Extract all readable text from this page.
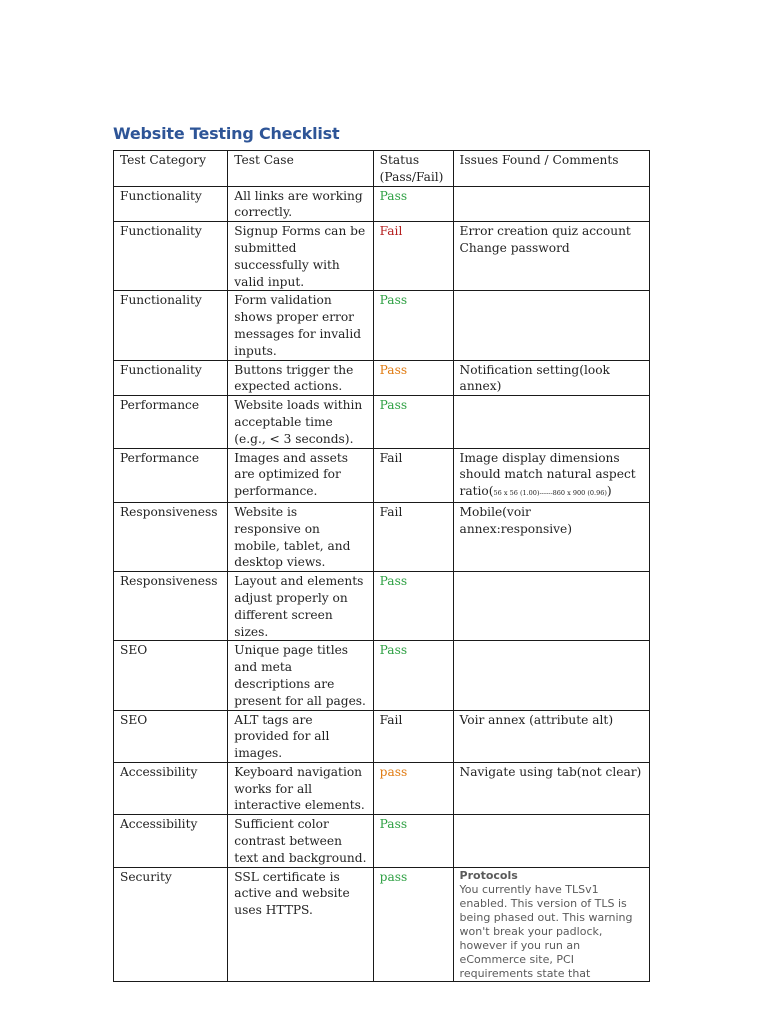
Website Testing Checklist
Test Category	Test Case	Status (Pass/Fail)	Issues Found / Comments
Functionality	All links are working correctly.	Pass	
Functionality	Signup Forms can be submitted successfully with valid input.	Fail	Error creation quiz account Change password
Functionality	Form validation shows proper error messages for invalid inputs.	Pass	
Functionality	Buttons trigger the expected actions.	Pass	Notification setting(look annex)
Performance	Website loads within acceptable time (e.g., < 3 seconds).	Pass	
Performance	Images and assets are optimized for performance.	Fail	Image display dimensions should match natural aspect ratio(56 x 56 (1.00)------860 x 900 (0.96))
Responsiveness	Website is responsive on mobile, tablet, and desktop views.	Fail	Mobile(voir annex:responsive)
Responsiveness	Layout and elements adjust properly on different screen sizes.	Pass	
SEO	Unique page titles and meta descriptions are present for all pages.	Pass	
SEO	ALT tags are provided for all images.	Fail	Voir annex (attribute alt)
Accessibility	Keyboard navigation works for all interactive elements.	pass	Navigate using tab(not clear)
Accessibility	Sufficient color contrast between text and background.	Pass	
Security	SSL certificate is active and website uses HTTPS.	pass	Protocols
You currently have TLSv1 enabled. This version of TLS is being phased out. This warning won't break your padlock, however if you run an eCommerce site, PCI requirements state that
